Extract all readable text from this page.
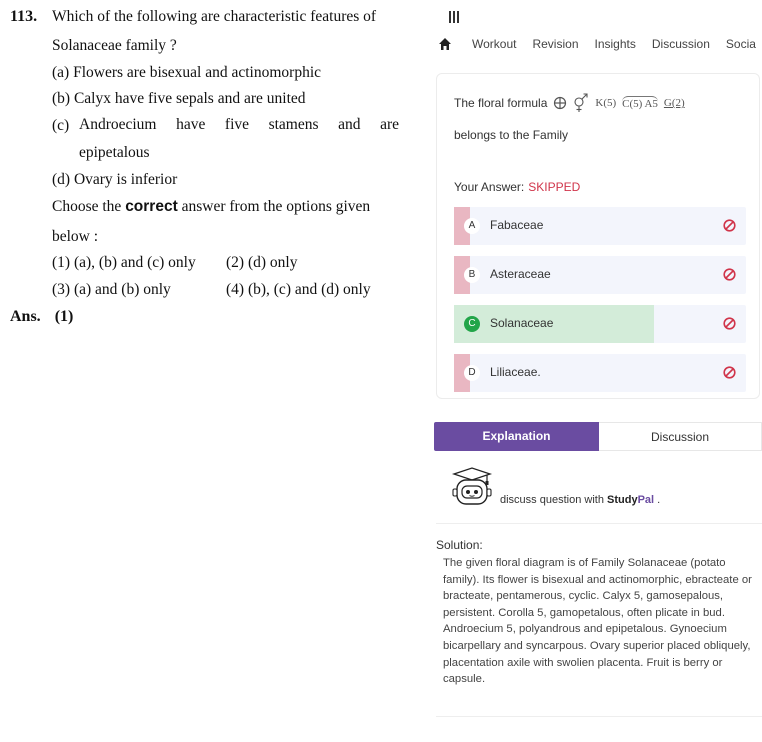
113. Which of the following are characteristic features of
Solanaceae family ?
(a) Flowers are bisexual and actinomorphic
(b) Calyx have five sepals and are united
(c) Androecium have five stamens and are
epipetalous
(d) Ovary is inferior
Choose the correct answer from the options given
below :
(1) (a), (b) and (c) only (2) (d) only
(3) (a) and (b) only	(4) (b), (c) and (d) only
Ans. (1)
Workout Revision Insights Discussion Socia
The floral formula	K(5) C(5) A5 G(2)
belongs to the Family
Your Answer: SKIPPED
A	Fabaceae
B	Asteraceae
C	Solanaceae
D	Liliaceae.
Explanation	Discussion
discuss question with StudyPal .
Solution:
The given floral diagram is of Family Solanaceae (potato family). Its flower is bisexual and actinomorphic, ebracteate or bracteate, pentamerous, cyclic. Calyx 5, gamosepalous, persistent. Corolla 5, gamopetalous, often plicate in bud. Androecium 5, polyandrous and epipetalous. Gynoecium bicarpellary and syncarpous. Ovary superior placed obliquely, placentation axile with swolien placenta. Fruit is berry or capsule.
